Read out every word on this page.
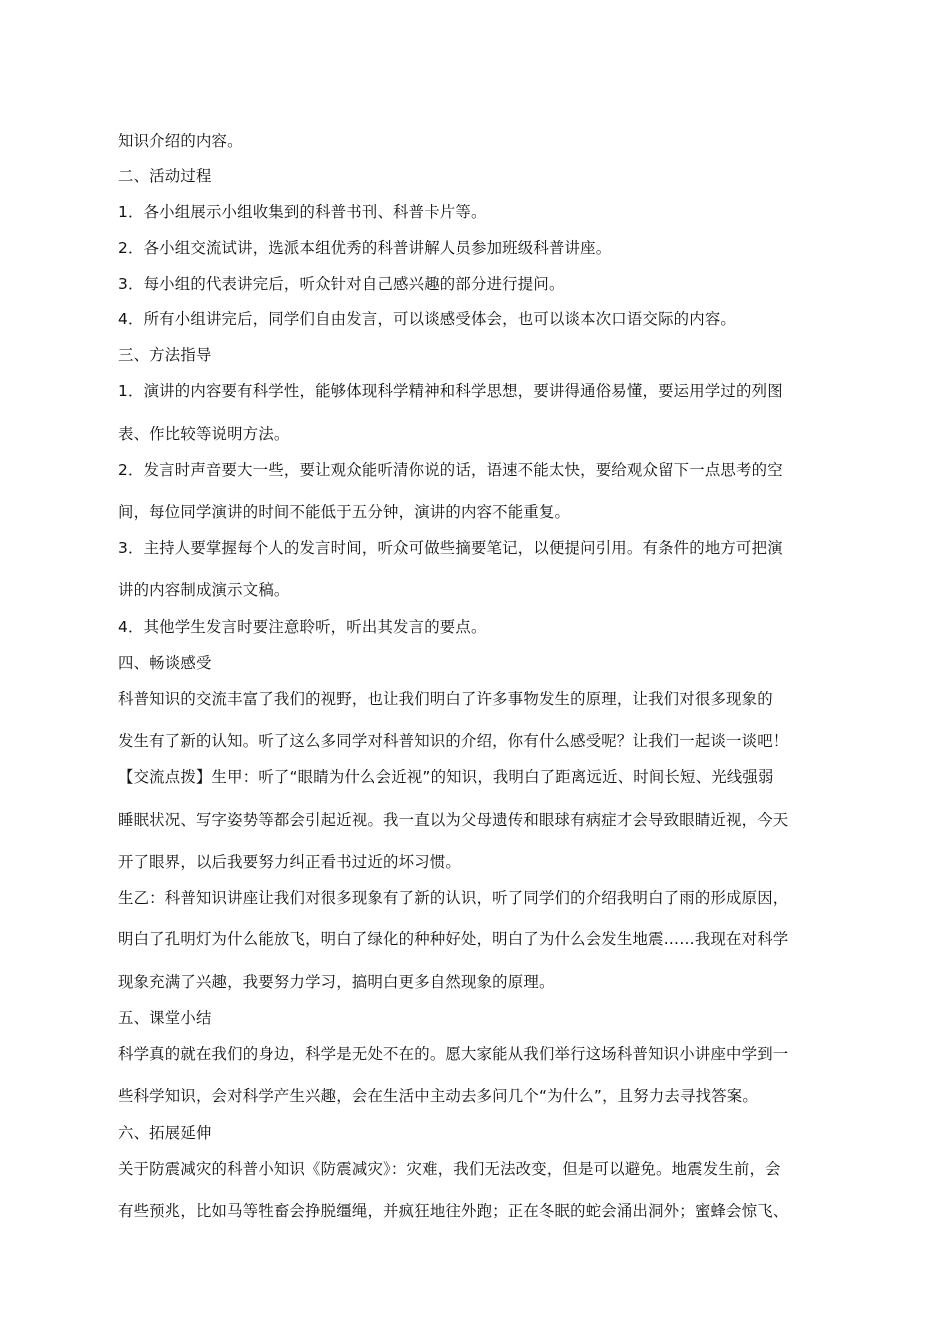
知识介绍的内容。
二、活动过程
1．各小组展示小组收集到的科普书刊、科普卡片等。
2．各小组交流试讲，选派本组优秀的科普讲解人员参加班级科普讲座。
3．每小组的代表讲完后，听众针对自己感兴趣的部分进行提问。
4．所有小组讲完后，同学们自由发言，可以谈感受体会，也可以谈本次口语交际的内容。
三、方法指导
1．演讲的内容要有科学性，能够体现科学精神和科学思想，要讲得通俗易懂，要运用学过的列图
表、作比较等说明方法。
2．发言时声音要大一些，要让观众能听清你说的话，语速不能太快，要给观众留下一点思考的空
间，每位同学演讲的时间不能低于五分钟，演讲的内容不能重复。
3．主持人要掌握每个人的发言时间，听众可做些摘要笔记，以便提问引用。有条件的地方可把演
讲的内容制成演示文稿。
4．其他学生发言时要注意聆听，听出其发言的要点。
四、畅谈感受
科普知识的交流丰富了我们的视野，也让我们明白了许多事物发生的原理，让我们对很多现象的
发生有了新的认知。听了这么多同学对科普知识的介绍，你有什么感受呢？让我们一起谈一谈吧！
【交流点拨】生甲：听了“眼睛为什么会近视”的知识，我明白了距离远近、时间长短、光线强弱
睡眠状况、写字姿势等都会引起近视。我一直以为父母遗传和眼球有病症才会导致眼睛近视，今天
开了眼界，以后我要努力纠正看书过近的坏习惯。
生乙：科普知识讲座让我们对很多现象有了新的认识，听了同学们的介绍我明白了雨的形成原因，
明白了孔明灯为什么能放飞，明白了绿化的种种好处，明白了为什么会发生地震……我现在对科学
现象充满了兴趣，我要努力学习，搞明白更多自然现象的原理。
五、课堂小结
科学真的就在我们的身边，科学是无处不在的。愿大家能从我们举行这场科普知识小讲座中学到一
些科学知识，会对科学产生兴趣，会在生活中主动去多问几个“为什么”，且努力去寻找答案。
六、拓展延伸
关于防震减灾的科普小知识《防震减灾》：灾难，我们无法改变，但是可以避免。地震发生前，会
有些预兆，比如马等牲畜会挣脱缰绳，并疯狂地往外跑；正在冬眠的蛇会涌出洞外；蜜蜂会惊飞、
